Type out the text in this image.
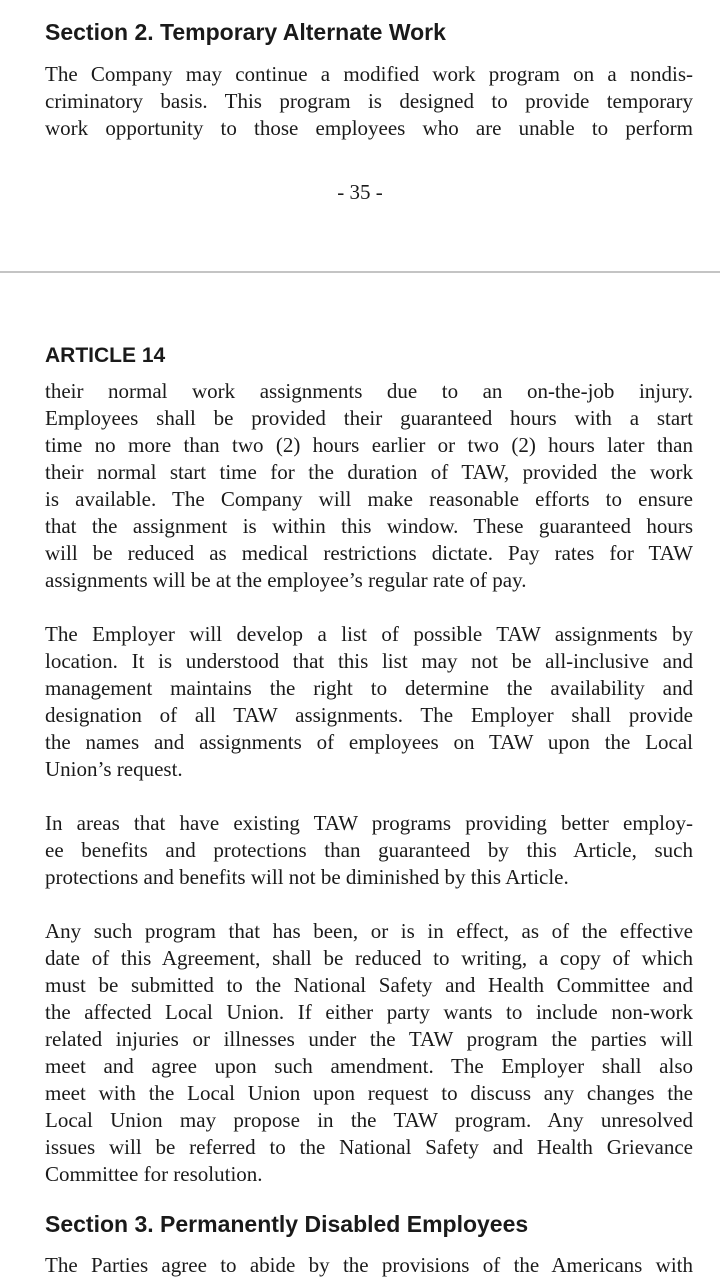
Section 2. Temporary Alternate Work
The Company may continue a modified work program on a nondis-
criminatory basis. This program is designed to provide temporary
work opportunity to those employees who are unable to perform
- 35 -
ARTICLE 14
their normal work assignments due to an on-the-job injury.
Employees shall be provided their guaranteed hours with a start
time no more than two (2) hours earlier or two (2) hours later than
their normal start time for the duration of TAW, provided the work
is available. The Company will make reasonable efforts to ensure
that the assignment is within this window. These guaranteed hours
will be reduced as medical restrictions dictate. Pay rates for TAW
assignments will be at the employee’s regular rate of pay.
The Employer will develop a list of possible TAW assignments by
location. It is understood that this list may not be all-inclusive and
management maintains the right to determine the availability and
designation of all TAW assignments. The Employer shall provide
the names and assignments of employees on TAW upon the Local
Union’s request.
In areas that have existing TAW programs providing better employ-
ee benefits and protections than guaranteed by this Article, such
protections and benefits will not be diminished by this Article.
Any such program that has been, or is in effect, as of the effective
date of this Agreement, shall be reduced to writing, a copy of which
must be submitted to the National Safety and Health Committee and
the affected Local Union. If either party wants to include non-work
related injuries or illnesses under the TAW program the parties will
meet and agree upon such amendment. The Employer shall also
meet with the Local Union upon request to discuss any changes the
Local Union may propose in the TAW program. Any unresolved
issues will be referred to the National Safety and Health Grievance
Committee for resolution.
Section 3. Permanently Disabled Employees
The Parties agree to abide by the provisions of the Americans with
